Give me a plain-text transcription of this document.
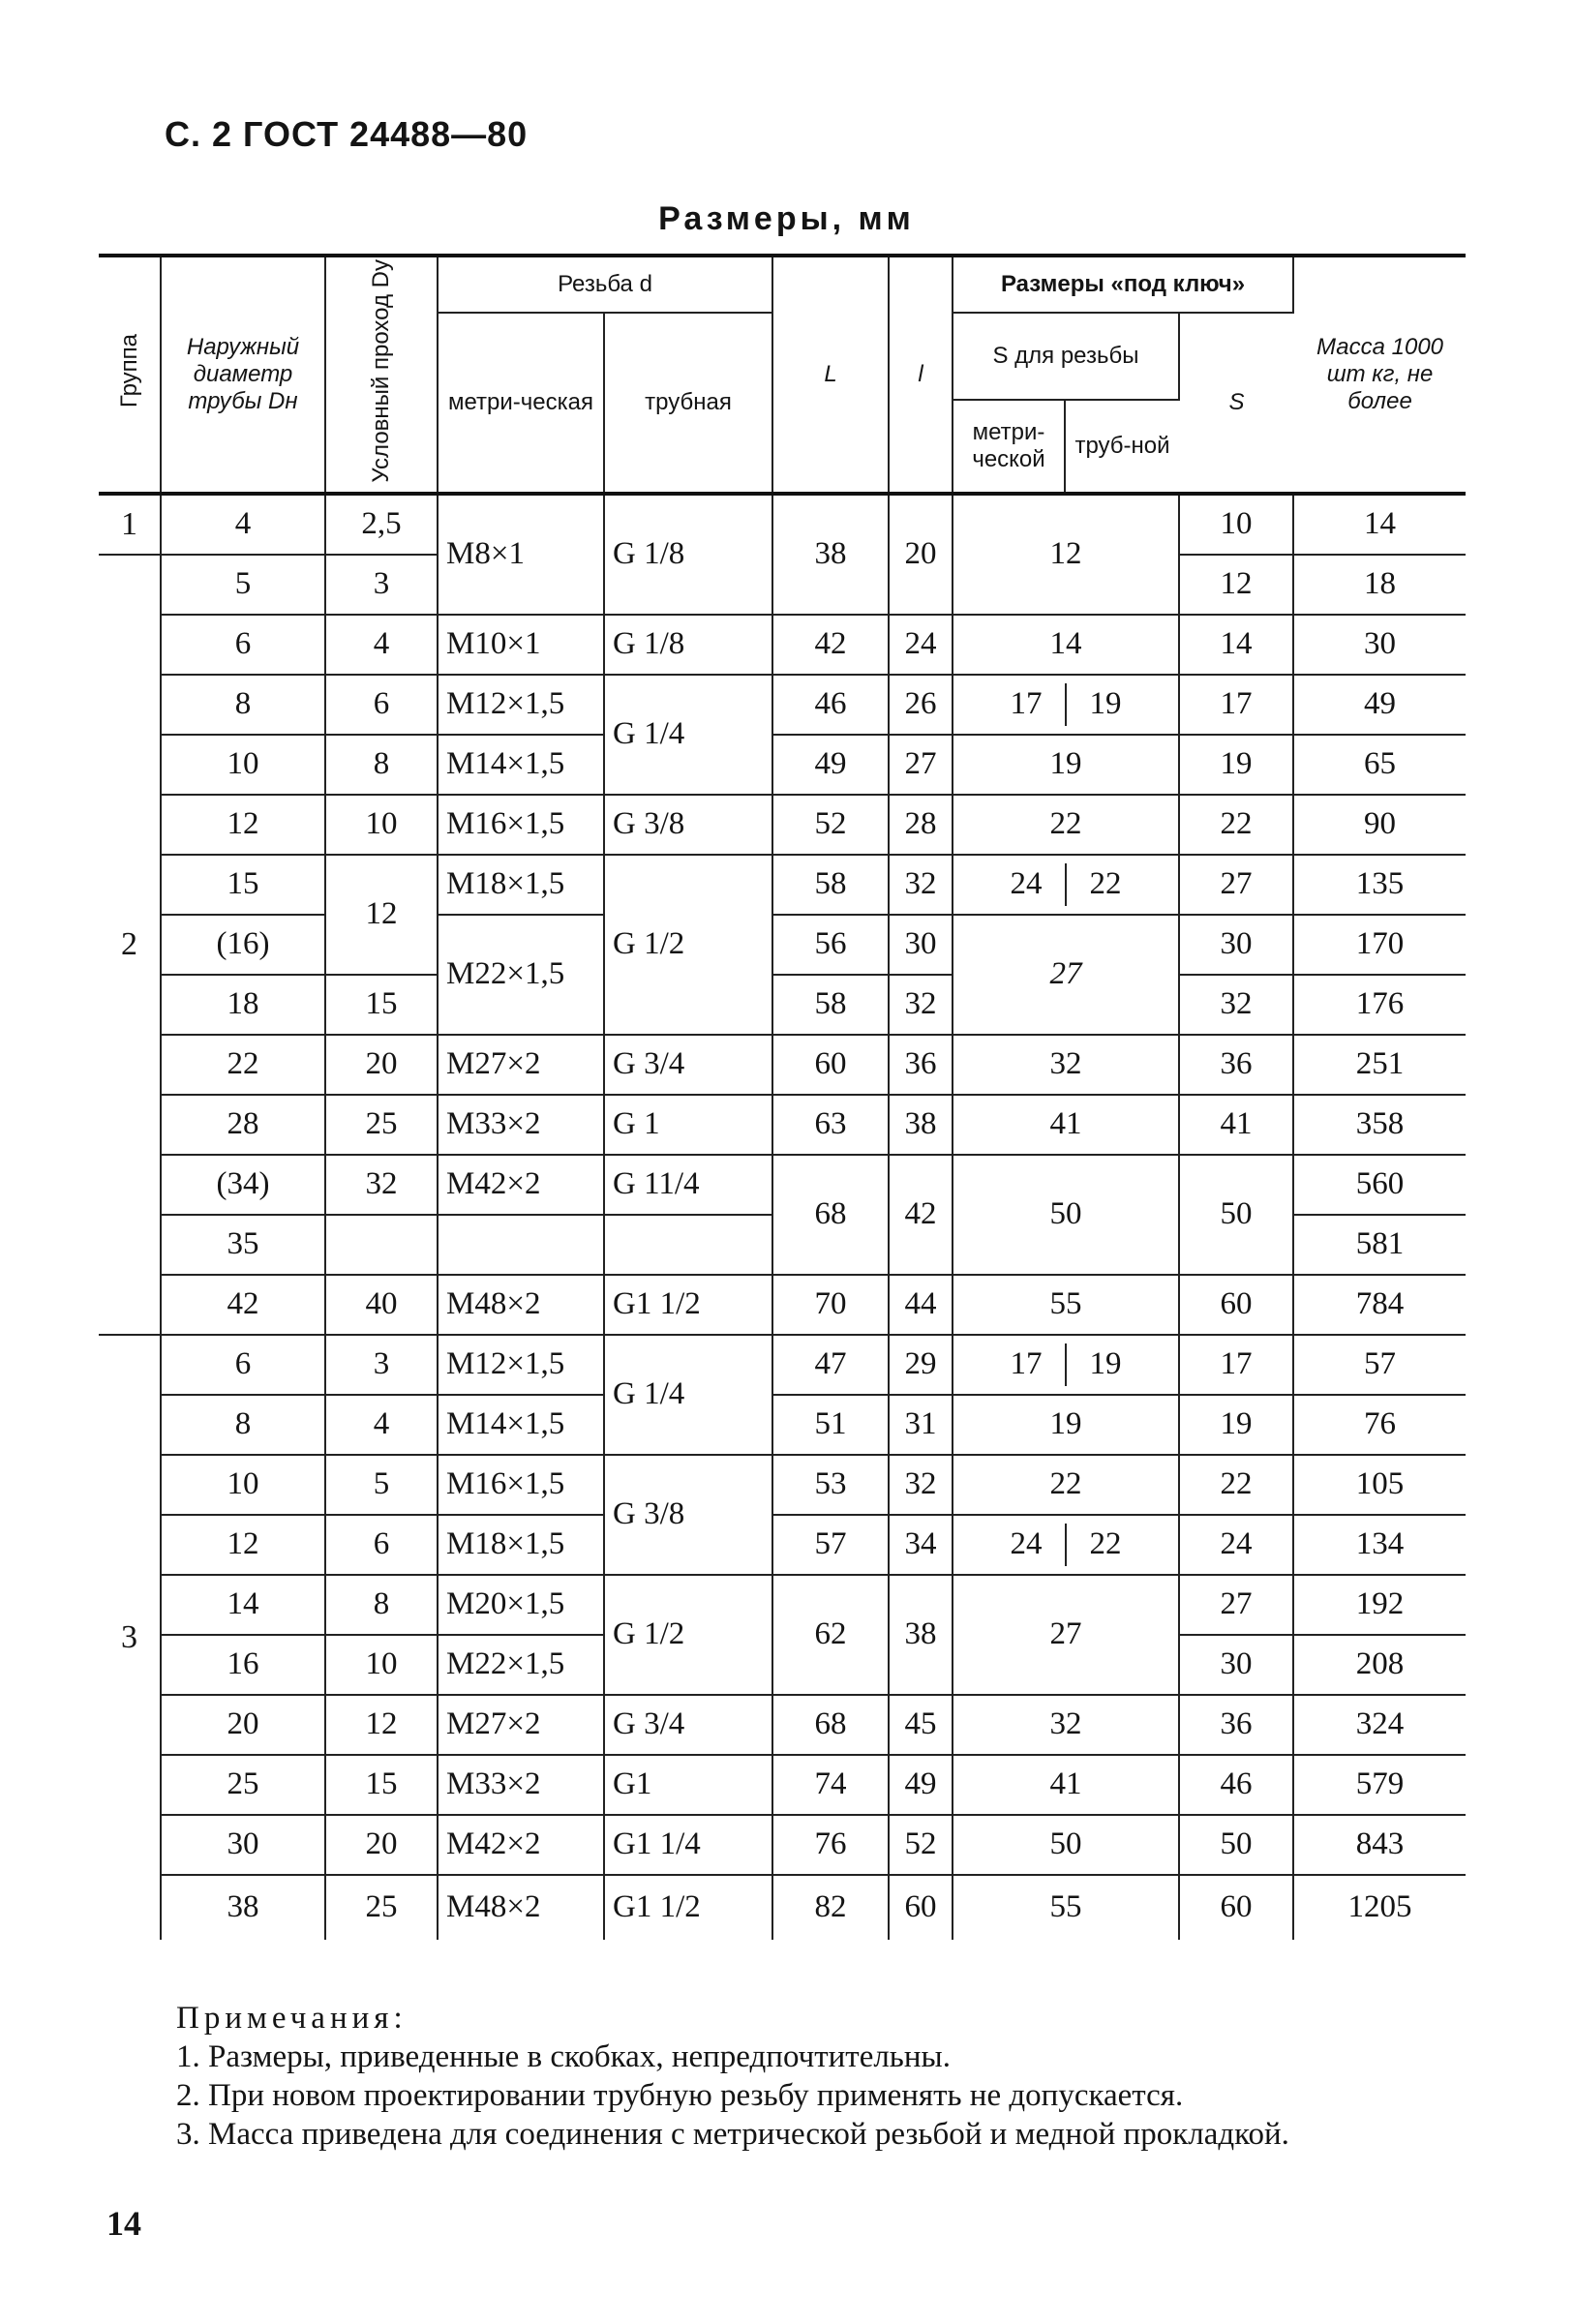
С. 2 ГОСТ 24488—80
Размеры, мм
Группа	Наружный диаметр трубы Dн	Условный проход Dу	Резьба d		L	l	Размеры «под ключ»			Масса 1000 шт кг, не более
			метри-ческая	трубная			S для резьбы		S	
							метри-ческой	труб-ной		
1	4	2,5	М8×1	G 1/8	38	20	12		10	14
2	5	3							12	18
	6	4	М10×1	G 1/8	42	24	14		14	30
	8	6	М12×1,5	G 1/4	46	26	17 19		17	49
	10	8	М14×1,5		49	27	19		19	65
	12	10	М16×1,5	G 3/8	52	28	22		22	90
	15	12	М18×1,5	G 1/2	58	32	24 22		27	135
	(16)		М22×1,5		56	30	27		30	170
	18	15			58	32			32	176
	22	20	М27×2	G 3/4	60	36	32		36	251
	28	25	М33×2	G 1	63	38	41		41	358
	(34)	32	М42×2	G 11/4	68	42	50		50	560
	35									581
	42	40	М48×2	G1 1/2	70	44	55		60	784
3	6	3	М12×1,5	G 1/4	47	29	17 19		17	57
	8	4	М14×1,5		51	31	19		19	76
	10	5	М16×1,5	G 3/8	53	32	22		22	105
	12	6	М18×1,5		57	34	24 22		24	134
	14	8	М20×1,5	G 1/2	62	38	27		27	192
	16	10	М22×1,5						30	208
	20	12	М27×2	G 3/4	68	45	32		36	324
	25	15	М33×2	G1	74	49	41		46	579
	30	20	М42×2	G1 1/4	76	52	50		50	843
	38	25	М48×2	G1 1/2	82	60	55		60	1205
Примечания:
1. Размеры, приведенные в скобках, непредпочтительны.
2. При новом проектировании трубную резьбу применять не допускается.
3. Масса приведена для соединения с метрической резьбой и медной прокладкой.
14
